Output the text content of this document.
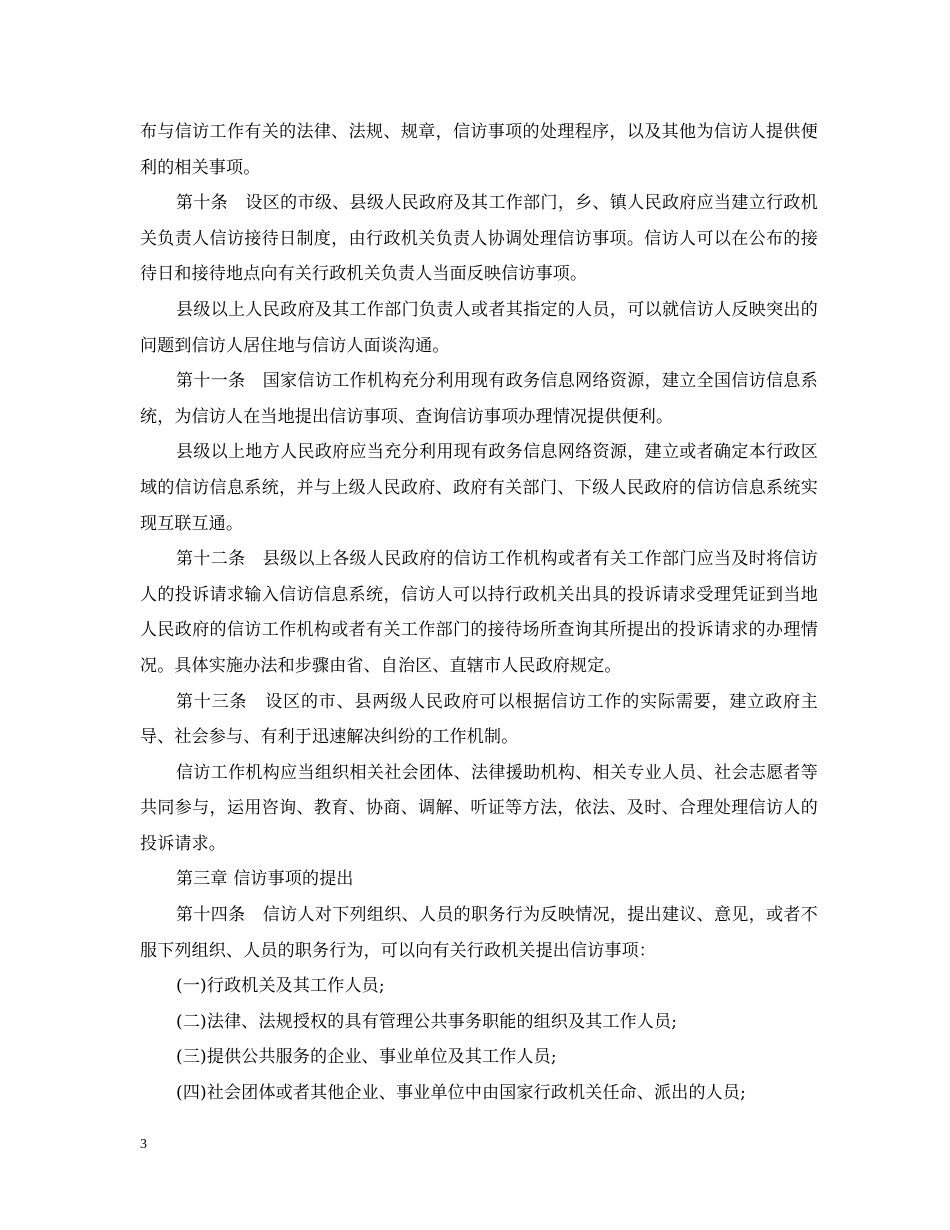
布与信访工作有关的法律、法规、规章，信访事项的处理程序，以及其他为信访人提供便利的相关事项。

第十条　设区的市级、县级人民政府及其工作部门，乡、镇人民政府应当建立行政机关负责人信访接待日制度，由行政机关负责人协调处理信访事项。信访人可以在公布的接待日和接待地点向有关行政机关负责人当面反映信访事项。

县级以上人民政府及其工作部门负责人或者其指定的人员，可以就信访人反映突出的问题到信访人居住地与信访人面谈沟通。

第十一条　国家信访工作机构充分利用现有政务信息网络资源，建立全国信访信息系统，为信访人在当地提出信访事项、查询信访事项办理情况提供便利。

县级以上地方人民政府应当充分利用现有政务信息网络资源，建立或者确定本行政区域的信访信息系统，并与上级人民政府、政府有关部门、下级人民政府的信访信息系统实现互联互通。

第十二条　县级以上各级人民政府的信访工作机构或者有关工作部门应当及时将信访人的投诉请求输入信访信息系统，信访人可以持行政机关出具的投诉请求受理凭证到当地人民政府的信访工作机构或者有关工作部门的接待场所查询其所提出的投诉请求的办理情况。具体实施办法和步骤由省、自治区、直辖市人民政府规定。

第十三条　设区的市、县两级人民政府可以根据信访工作的实际需要，建立政府主导、社会参与、有利于迅速解决纠纷的工作机制。

信访工作机构应当组织相关社会团体、法律援助机构、相关专业人员、社会志愿者等共同参与，运用咨询、教育、协商、调解、听证等方法，依法、及时、合理处理信访人的投诉请求。

第三章 信访事项的提出

第十四条　信访人对下列组织、人员的职务行为反映情况，提出建议、意见，或者不服下列组织、人员的职务行为，可以向有关行政机关提出信访事项：

(一)行政机关及其工作人员;

(二)法律、法规授权的具有管理公共事务职能的组织及其工作人员;

(三)提供公共服务的企业、事业单位及其工作人员;

(四)社会团体或者其他企业、事业单位中由国家行政机关任命、派出的人员;

3
